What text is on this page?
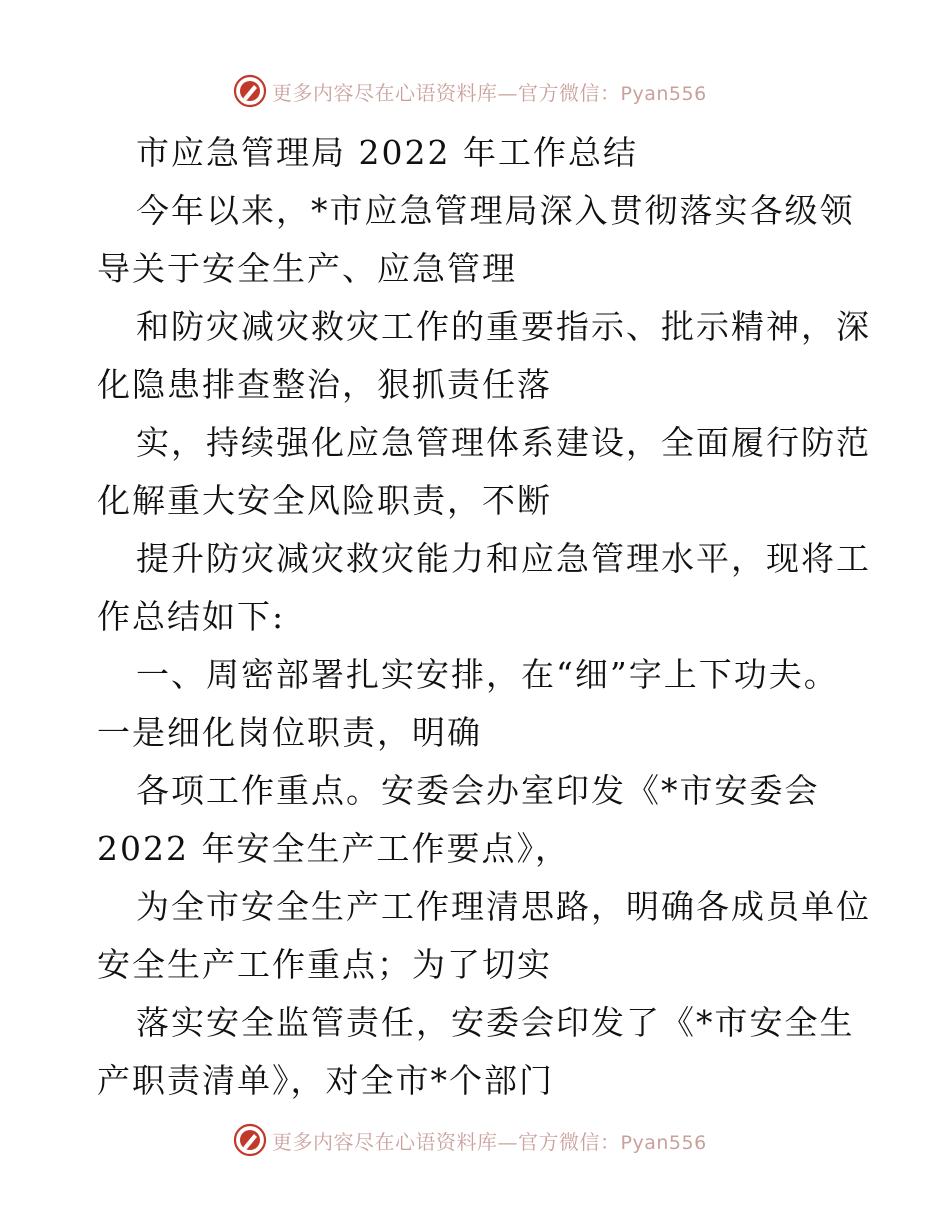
更多内容尽在心语资料库—官方微信：Pyan556
市应急管理局 2022 年工作总结
今年以来，*市应急管理局深入贯彻落实各级领
导关于安全生产、应急管理
和防灾减灾救灾工作的重要指示、批示精神，深
化隐患排查整治，狠抓责任落
实，持续强化应急管理体系建设，全面履行防范
化解重大安全风险职责，不断
提升防灾减灾救灾能力和应急管理水平，现将工
作总结如下:
一、周密部署扎实安排，在“细”字上下功夫。
一是细化岗位职责，明确
各项工作重点。安委会办室印发《*市安委会
2022 年安全生产工作要点》，
为全市安全生产工作理清思路，明确各成员单位
安全生产工作重点；为了切实
落实安全监管责任，安委会印发了《*市安全生
产职责清单》，对全市*个部门
更多内容尽在心语资料库—官方微信：Pyan556
